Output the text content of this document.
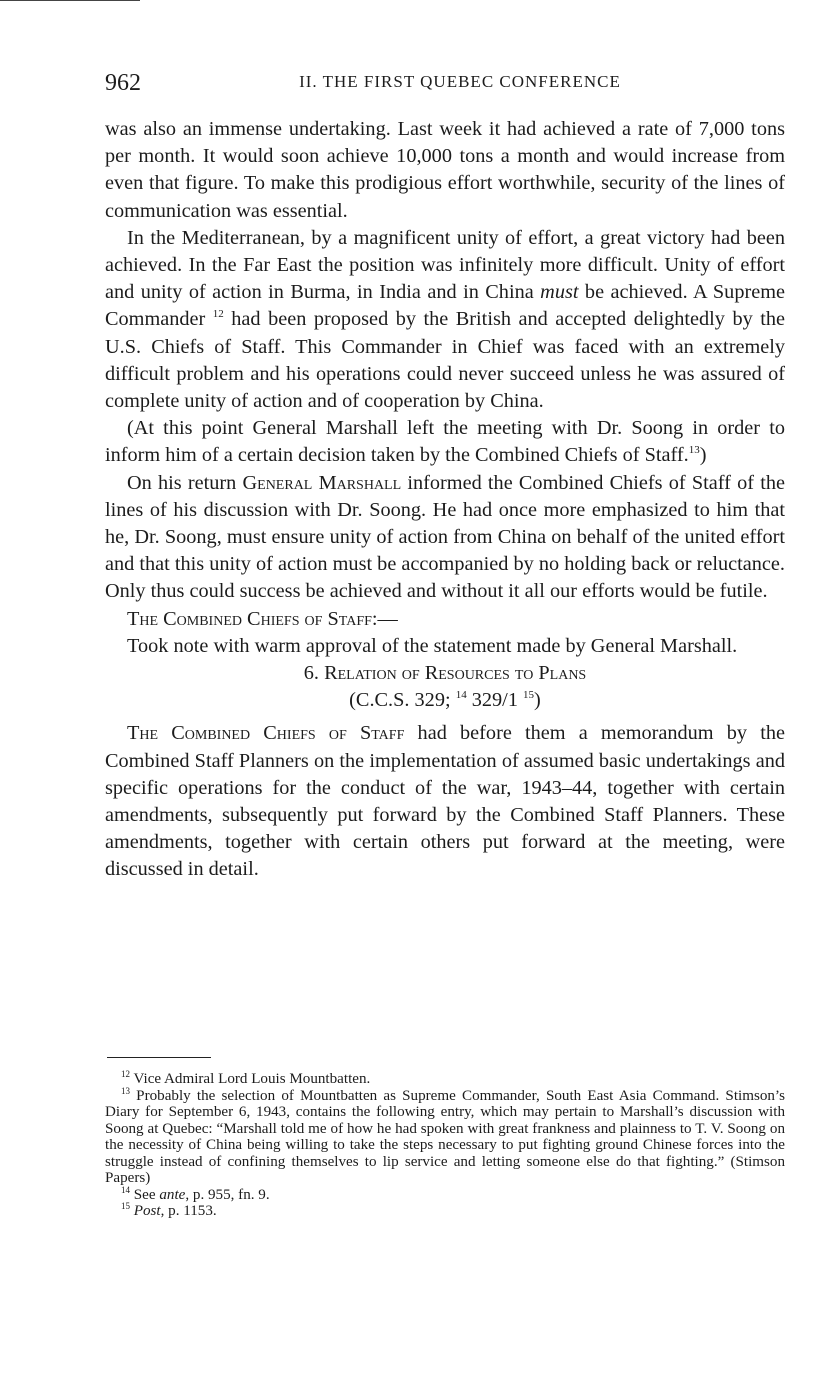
962	II. THE FIRST QUEBEC CONFERENCE

was also an immense undertaking. Last week it had achieved a rate of 7,000 tons per month. It would soon achieve 10,000 tons a month and would increase from even that figure. To make this prodigious effort worthwhile, security of the lines of communication was essential.

In the Mediterranean, by a magnificent unity of effort, a great victory had been achieved. In the Far East the position was infinitely more difficult. Unity of effort and unity of action in Burma, in India and in China must be achieved. A Supreme Commander $^{12}$ had been proposed by the British and accepted delightedly by the U.S. Chiefs of Staff. This Commander in Chief was faced with an extremely difficult problem and his operations could never succeed unless he was assured of complete unity of action and of cooperation by China.

(At this point General Marshall left the meeting with Dr. Soong in order to inform him of a certain decision taken by the Combined Chiefs of Staff.$^{13}$)

On his return General Marshall informed the Combined Chiefs of Staff of the lines of his discussion with Dr. Soong. He had once more emphasized to him that he, Dr. Soong, must ensure unity of action from China on behalf of the united effort and that this unity of action must be accompanied by no holding back or reluctance. Only thus could success be achieved and without it all our efforts would be futile.

The Combined Chiefs of Staff:—

Took note with warm approval of the statement made by General Marshall.

6. Relation of Resources to Plans

(C.C.S. 329; $^{14}$ 329/1 $^{15}$)

The Combined Chiefs of Staff had before them a memorandum by the Combined Staff Planners on the implementation of assumed basic undertakings and specific operations for the conduct of the war, 1943–44, together with certain amendments, subsequently put forward by the Combined Staff Planners. These amendments, together with certain others put forward at the meeting, were discussed in detail.

$^{12}$ Vice Admiral Lord Louis Mountbatten.

$^{13}$ Probably the selection of Mountbatten as Supreme Commander, South East Asia Command. Stimson’s Diary for September 6, 1943, contains the following entry, which may pertain to Marshall’s discussion with Soong at Quebec: “Marshall told me of how he had spoken with great frankness and plainness to T. V. Soong on the necessity of China being willing to take the steps necessary to put fighting ground Chinese forces into the struggle instead of confining themselves to lip service and letting someone else do that fighting.” (Stimson Papers)

$^{14}$ See ante, p. 955, fn. 9.

$^{15}$ Post, p. 1153.
